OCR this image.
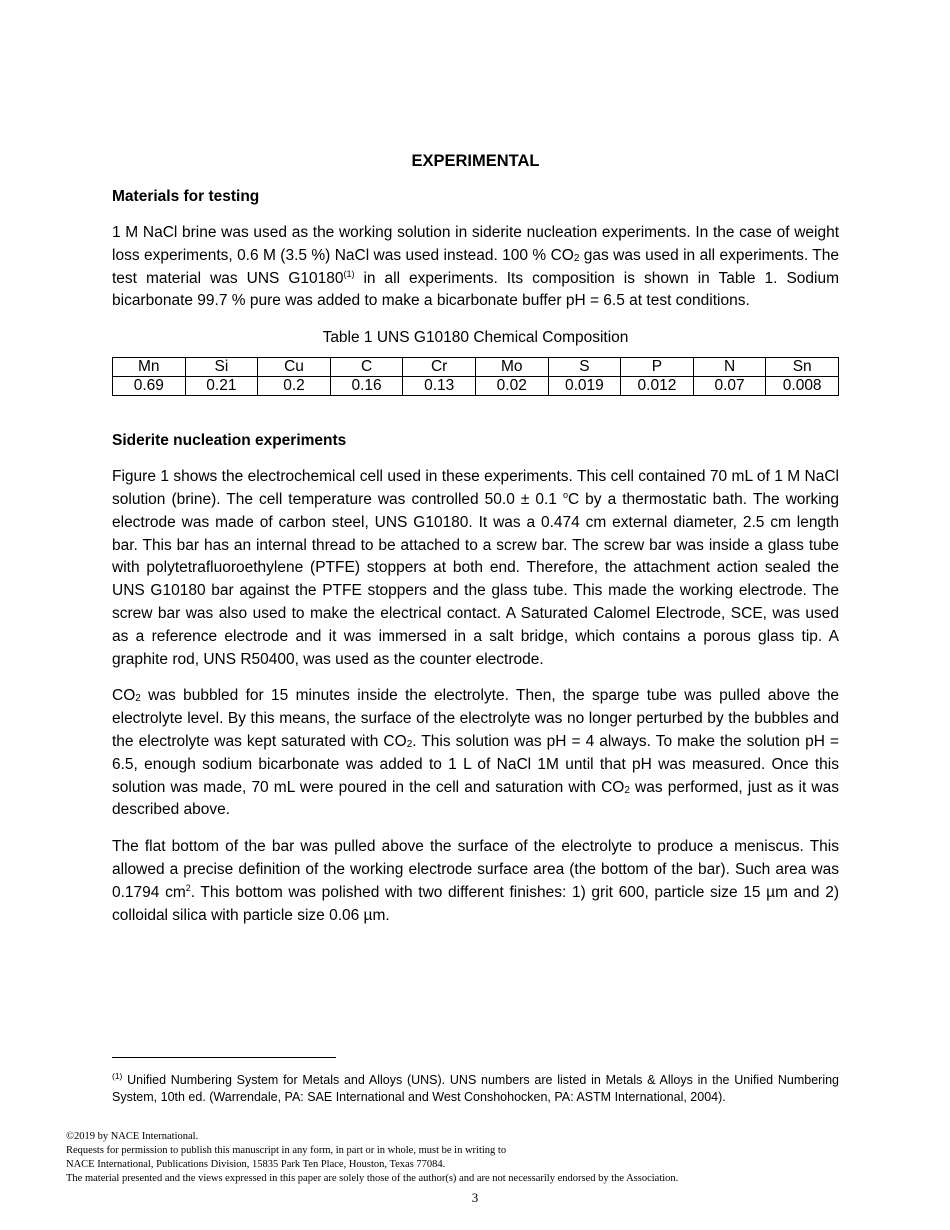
EXPERIMENTAL
Materials for testing

1 M NaCl brine was used as the working solution in siderite nucleation experiments. In the case of weight loss experiments, 0.6 M (3.5 %) NaCl was used instead. 100 % $CO_2$ gas was used in all experiments. The test material was UNS G10180$^{(1)}$ in all experiments. Its composition is shown in Table 1. Sodium bicarbonate 99.7 % pure was added to make a bicarbonate buffer pH = 6.5 at test conditions.

Table 1 UNS G10180 Chemical Composition

Mn	Si	Cu	C	Cr	Mo	S	P	N	Sn
0.69	0.21	0.2	0.16	0.13	0.02	0.019	0.012	0.07	0.008
Siderite nucleation experiments

Figure 1 shows the electrochemical cell used in these experiments. This cell contained 70 mL of 1 M NaCl solution (brine). The cell temperature was controlled 50.0 ± 0.1 $^o$C by a thermostatic bath. The working electrode was made of carbon steel, UNS G10180. It was a 0.474 cm external diameter, 2.5 cm length bar. This bar has an internal thread to be attached to a screw bar. The screw bar was inside a glass tube with polytetrafluoroethylene (PTFE) stoppers at both end. Therefore, the attachment action sealed the UNS G10180 bar against the PTFE stoppers and the glass tube. This made the working electrode. The screw bar was also used to make the electrical contact. A Saturated Calomel Electrode, SCE, was used as a reference electrode and it was immersed in a salt bridge, which contains a porous glass tip. A graphite rod, UNS R50400, was used as the counter electrode.

$CO_2$ was bubbled for 15 minutes inside the electrolyte. Then, the sparge tube was pulled above the electrolyte level. By this means, the surface of the electrolyte was no longer perturbed by the bubbles and the electrolyte was kept saturated with $CO_2$. This solution was pH = 4 always. To make the solution pH = 6.5, enough sodium bicarbonate was added to 1 L of NaCl 1M until that pH was measured. Once this solution was made, 70 mL were poured in the cell and saturation with $CO_2$ was performed, just as it was described above.

The flat bottom of the bar was pulled above the surface of the electrolyte to produce a meniscus. This allowed a precise definition of the working electrode surface area (the bottom of the bar). Such area was 0.1794 cm$^2$. This bottom was polished with two different finishes: 1) grit 600, particle size 15 µm and 2) colloidal silica with particle size 0.06 µm.

$^{(1)}$ Unified Numbering System for Metals and Alloys (UNS). UNS numbers are listed in Metals & Alloys in the Unified Numbering System, 10th ed. (Warrendale, PA: SAE International and West Conshohocken, PA: ASTM International, 2004).
©2019 by NACE International.
Requests for permission to publish this manuscript in any form, in part or in whole, must be in writing to
NACE International, Publications Division, 15835 Park Ten Place, Houston, Texas 77084.
The material presented and the views expressed in this paper are solely those of the author(s) and are not necessarily endorsed by the Association.
3
